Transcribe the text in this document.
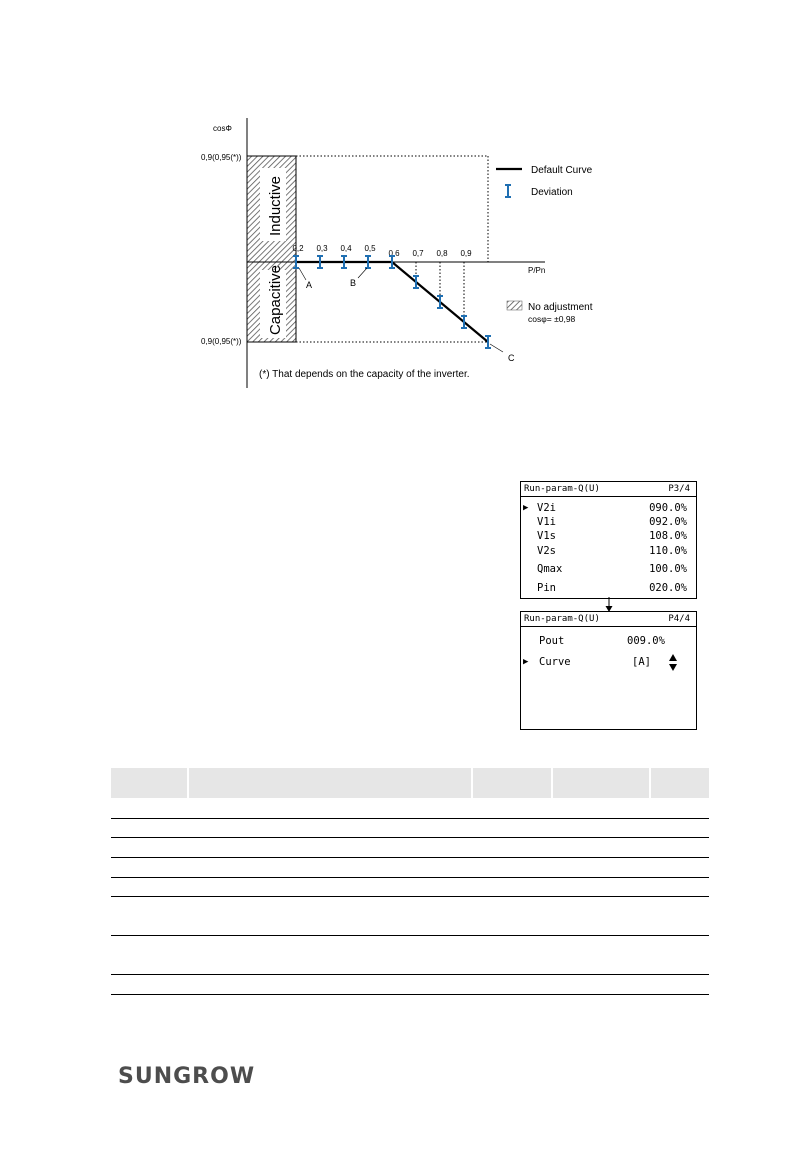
Inductive
Capacitive
cosΦ
P/Pn
0,9(0,95(*))
0,9(0,95(*))
0,2 0,3 0,4 0,5
0,6 0,7 0,8 0,9
A	B
C
Default Curve
Deviation
No adjustment
cosφ= ±0,98
(*) That depends on the capacity of the inverter.
Run-param-Q(U)	P3/4
▶ V2i	090.0%
V1i	092.0%
V1s	108.0%
V2s	110.0%
Qmax	100.0%
Pin	020.0%
Run-param-Q(U)	P4/4
Pout	009.0%
▶ Curve	[A]

SUNGROW
